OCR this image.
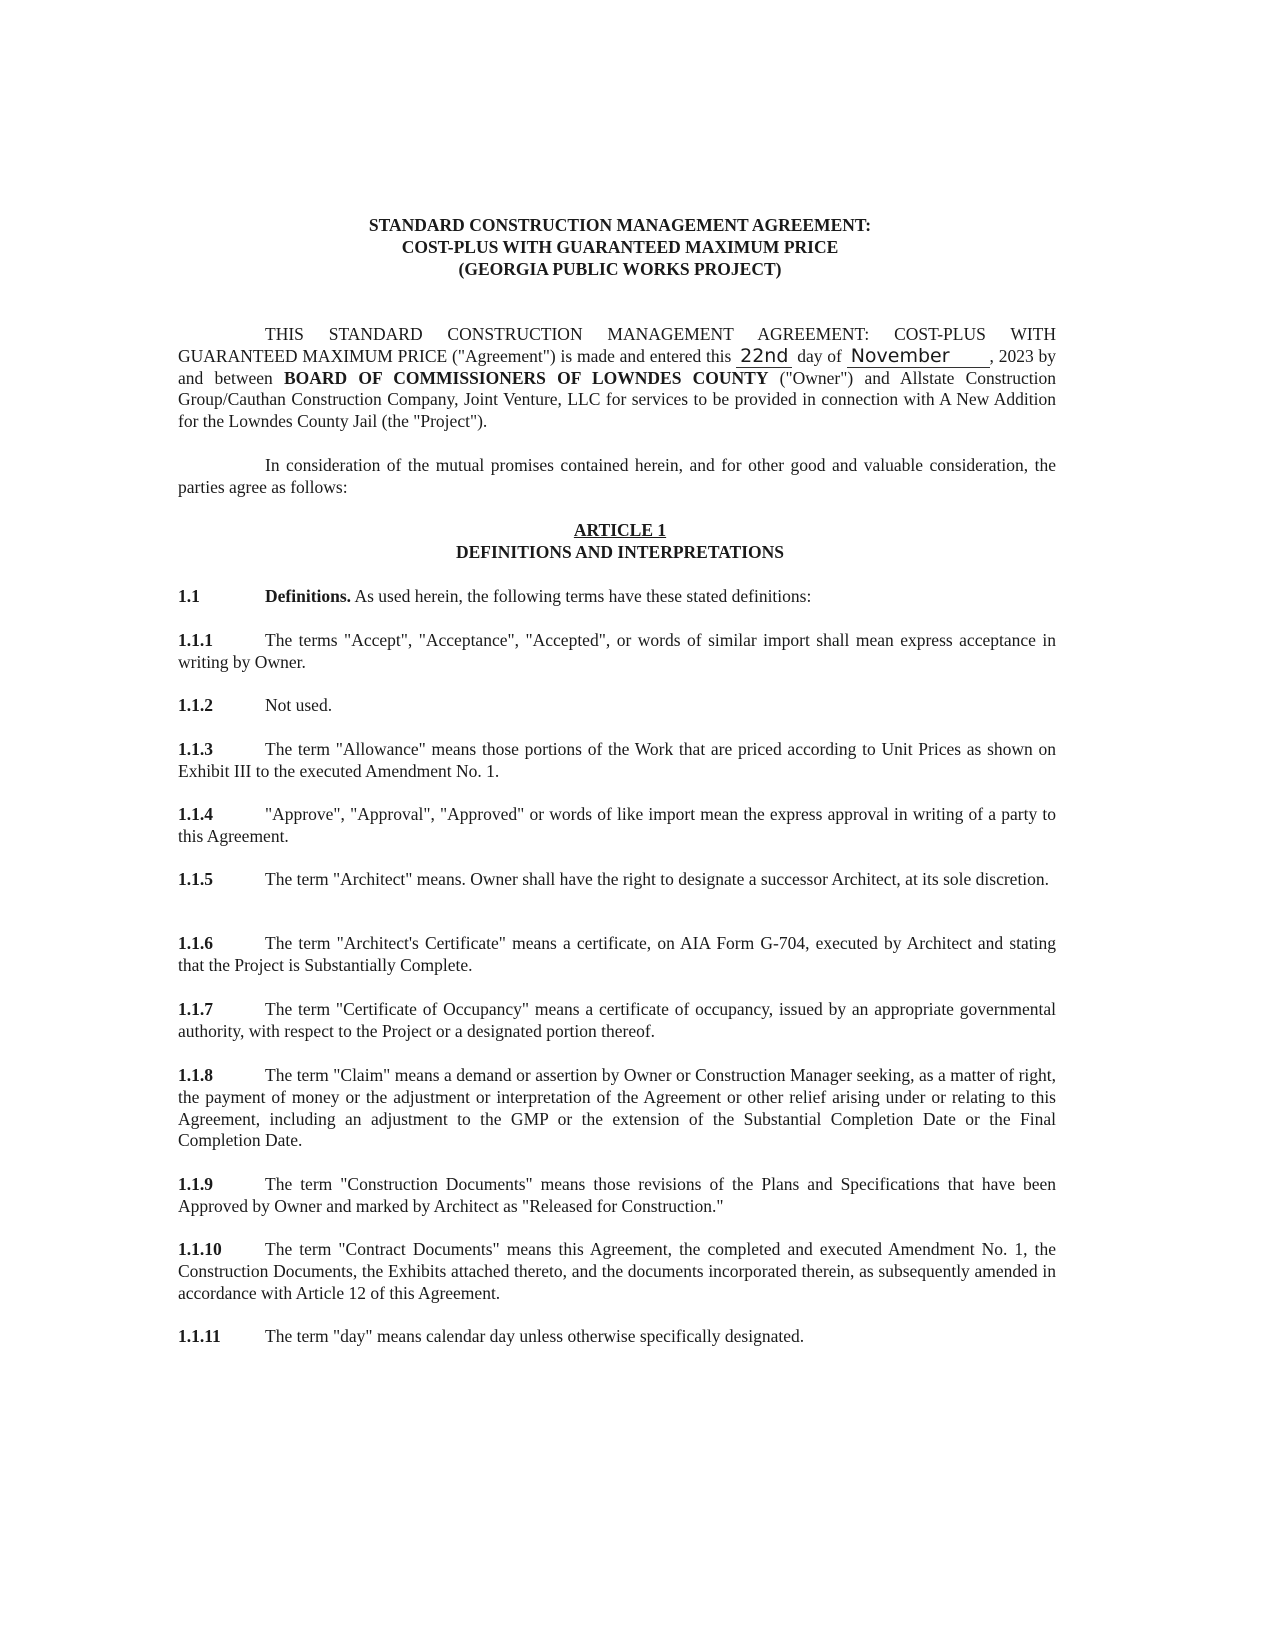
STANDARD CONSTRUCTION MANAGEMENT AGREEMENT:
COST-PLUS WITH GUARANTEED MAXIMUM PRICE
(GEORGIA PUBLIC WORKS PROJECT)
THIS STANDARD CONSTRUCTION MANAGEMENT AGREEMENT: COST-PLUS WITH GUARANTEED MAXIMUM PRICE ("Agreement") is made and entered this 22nd day of November , 2023 by and between BOARD OF COMMISSIONERS OF LOWNDES COUNTY ("Owner") and Allstate Construction Group/Cauthan Construction Company, Joint Venture, LLC for services to be provided in connection with A New Addition for the Lowndes County Jail (the "Project").
In consideration of the mutual promises contained herein, and for other good and valuable consideration, the parties agree as follows:
ARTICLE 1
DEFINITIONS AND INTERPRETATIONS
1.1	Definitions. As used herein, the following terms have these stated definitions:
1.1.1	The terms "Accept", "Acceptance", "Accepted", or words of similar import shall mean express acceptance in writing by Owner.
1.1.2	Not used.
1.1.3	The term "Allowance" means those portions of the Work that are priced according to Unit Prices as shown on Exhibit III to the executed Amendment No. 1.
1.1.4	"Approve", "Approval", "Approved" or words of like import mean the express approval in writing of a party to this Agreement.
1.1.5	The term "Architect" means. Owner shall have the right to designate a successor Architect, at its sole discretion.
1.1.6	The term "Architect's Certificate" means a certificate, on AIA Form G-704, executed by Architect and stating that the Project is Substantially Complete.
1.1.7	The term "Certificate of Occupancy" means a certificate of occupancy, issued by an appropriate governmental authority, with respect to the Project or a designated portion thereof.
1.1.8	The term "Claim" means a demand or assertion by Owner or Construction Manager seeking, as a matter of right, the payment of money or the adjustment or interpretation of the Agreement or other relief arising under or relating to this Agreement, including an adjustment to the GMP or the extension of the Substantial Completion Date or the Final Completion Date.
1.1.9	The term "Construction Documents" means those revisions of the Plans and Specifications that have been Approved by Owner and marked by Architect as "Released for Construction."
1.1.10 The term "Contract Documents" means this Agreement, the completed and executed Amendment No. 1, the Construction Documents, the Exhibits attached thereto, and the documents incorporated therein, as subsequently amended in accordance with Article 12 of this Agreement.
1.1.11	The term "day" means calendar day unless otherwise specifically designated.
